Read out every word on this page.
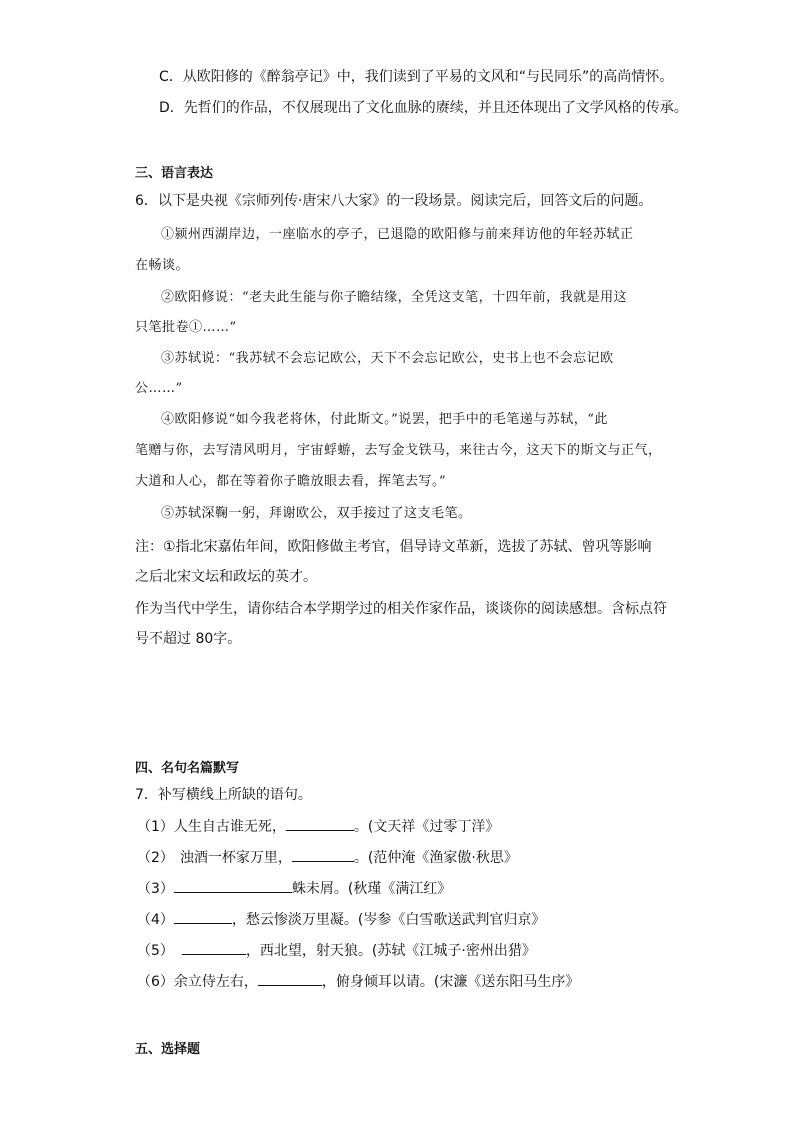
C．从欧阳修的《醉翁亭记》中，我们读到了平易的文风和“与民同乐”的高尚情怀。
D．先哲们的作品，不仅展现出了文化血脉的赓续，并且还体现出了文学风格的传承。
三、语言表达
6．以下是央视《宗师列传·唐宋八大家》的一段场景。阅读完后，回答文后的问题。
①颍州西湖岸边，一座临水的亭子，已退隐的欧阳修与前来拜访他的年轻苏轼正
在畅谈。
②欧阳修说：“老夫此生能与你子瞻结缘，全凭这支笔，十四年前，我就是用这
只笔批卷①……”
③苏轼说：“我苏轼不会忘记欧公，天下不会忘记欧公，史书上也不会忘记欧
公……”
④欧阳修说“如今我老将休，付此斯文。”说罢，把手中的毛笔递与苏轼，“此
笔赠与你，去写清风明月，宇宙蜉蝣，去写金戈铁马，来往古今，这天下的斯文与正气，
大道和人心，都在等着你子瞻放眼去看，挥笔去写。”
⑤苏轼深鞠一躬，拜谢欧公，双手接过了这支毛笔。
注：①指北宋嘉佑年间，欧阳修做主考官，倡导诗文革新，选拔了苏轼、曾巩等影响
之后北宋文坛和政坛的英才。
作为当代中学生，请你结合本学期学过的相关作家作品，谈谈你的阅读感想。含标点符
号不超过 80字。
四、名句名篇默写
7．补写横线上所缺的语句。
（1）人生自古谁无死，	。(文天祥《过零丁洋》
（2） 浊酒一杯家万里，	。(范仲淹《渔家傲·秋思》
（3）	蛛未屑。(秋瑾《满江红》
（4）	，愁云惨淡万里凝。(岑参《白雪歌送武判官归京》
（5）	，西北望，射天狼。(苏轼《江城子·密州出猎》
（6）余立侍左右，	，俯身倾耳以请。(宋濂《送东阳马生序》
五、选择题
